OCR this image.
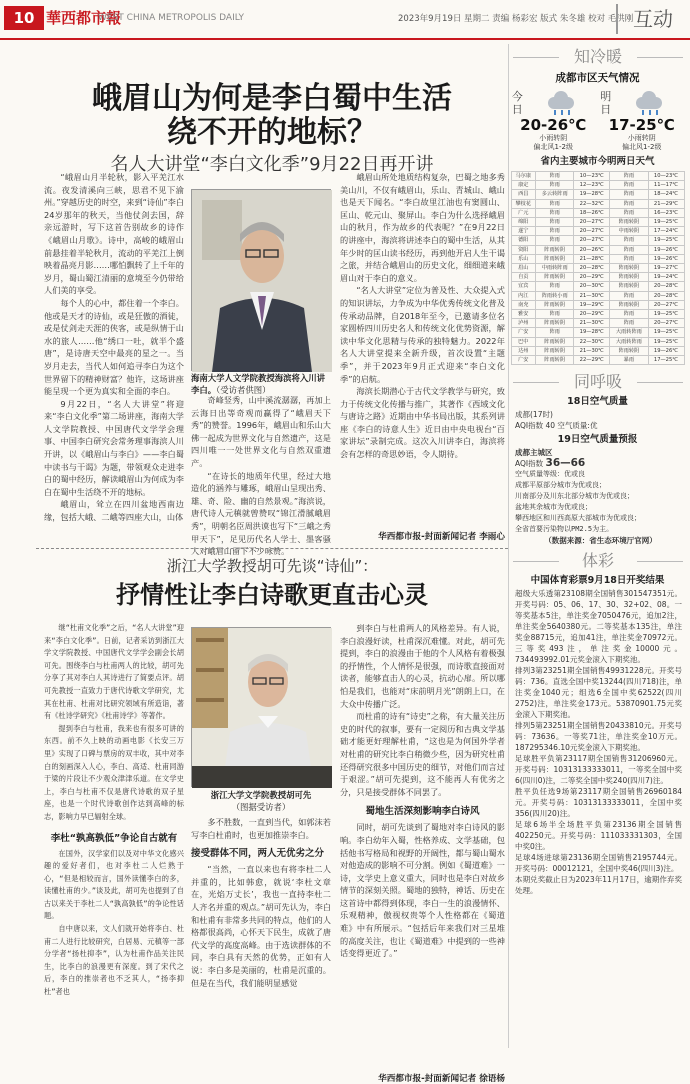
10 華西都市報
WEST CHINA METROPOLIS DAILY	2023年9月19日 星期二 责编 杨彩宏 版式 朱冬雄 校对 毛洪刚 互动
峨眉山为何是李白蜀中生活
绕不开的地标？
名人大讲堂“李白文化季”9月22日再开讲

“峨眉山月半轮秋，影入平羌江水流。夜发清溪向三峡，思君不见下渝州。”穿越历史的时空，来到“诗仙”李白24岁那年的秋天，当他仗剑去国，辞亲远游时，写下这首告别故乡的诗作《峨眉山月歌》。诗中，高峻的峨眉山前悬挂着半轮秋月，流动的平羌江上倒映着晶亮月影……哪怕飘转了上千年的岁月，蜀山蜀江清丽的意境至今仍带给人们美的享受。

每个人的心中，都住着一个李白。他或是天才的诗仙，或是狂傲的酒徒，或是仗剑走天涯的侠客，或是纵情于山水的旅人……他“绣口一吐，就半个盛唐”，是诗唐天空中最亮的星之一。当岁月走去，当代人如何追寻李白为这个世界留下的精神财富？他许，这场讲座能呈现一个更为真实和全面的李白。

9月22日，“名人大讲堂”将迎来“李白文化季”第二场讲座，海南大学人文学院教授、中国唐代文学学会理事、中国李白研究会常务理事海滨人川开讲，以《峨眉山与李白》——李白蜀中读书与干谒》为题，带领观众走进李白的蜀中经历，解读峨眉山为何成为李白在蜀中生活绕不开的地标。

峨眉山，耸立在四川盆地西南边缘，包括大峨、二峨等四座大山，山体

海南大学人文学院教授海滨将入川讲李白。（受访者供图）

奇峰竖秀，山中溪流潺潺，再加上云海日出等奇观而赢得了“峨眉天下秀”的赞誉。1996年，峨眉山和乐山大佛一起成为世界文化与自然遗产，这是四川唯一一处世界文化与自然双重遗产。

“在诗长的地质年代里，经过大地造化的涵养与雕琢，峨眉山呈现出秀、雄、奇、险、幽的自然景观。”海滨说，唐代诗人元稹就曾赞叹“锦江滑腻峨眉秀”，明朝名臣周洪谟也写下“三峨之秀甲天下”，足见历代名人学士、墨客骚人对峨眉山留下不少咏赞。

峨眉山所处地质结构复杂，巴蜀之地多秀美山川，不仅有峨眉山，乐山、青城山、峨山也是天下闻名。“李白故里江油也有窦圆山、匡山、乾元山、聚屏山。李白为什么选择峨眉山的秋月，作为故乡的代表呢？”在9月22日的讲座中，海滨将讲述李白的蜀中生活，从其年少时的匡山读书经历，再到他开启人生干谒之旅，并结合峨眉山的历史文化，细细道来峨眉山对于李白的意义。

“名人大讲堂”定位为普及性、大众提入式的知识讲坛，力争成为中华优秀传统文化普及传承动品牌，自2018年至今，已邀请多位名家圆桥四川历史名人和传统文化优势资源，解读中华文化思精与传承的独特魅力。2022年名人大讲堂提来全新升级，首次设置“主题季”，并于2023年9月正式迎来“李白文化季”的启航。

海滨长期潜心于古代文学教学与研究，致力于传统文化传播与推广，其著作《西域文化与唐诗之路》近期由中华书局出版，其系列讲座《李白的诗意人生》近日由中央电视台“百家讲坛”录制完成。这次入川讲李白，海滨将会有怎样的奇思妙语，令人期待。

华西都市报-封面新闻记者 李雨心
浙江大学教授胡可先谈“诗仙”：
抒情性让李白诗歌更直击心灵

继“杜甫文化季”之后，“名人大讲堂”迎来“李白文化季”。日前，记者采访到浙江大学文学院教授、中国唐代文学学会副会长胡可先。围绕李白与杜甫两人的比较，胡可先分享了其对李白人其诗进行了简要点评。胡可先教授一直致力于唐代诗歌文学研究，尤其在杜甫、杜甫对比研究领域有所造诣，著有《杜诗学研究》《杜甫诗学》等著作。

提到李白与杜甫，我来也有很多可讲的东西。前不久上映的动画电影《长安三万里》实现了口碑与票房的双丰收，其中对李白的刻画深入人心，李白、高适、杜甫同游于梁的片段让不少观众津津乐道。在文学史上，李白与杜甫不仅是唐代诗歌的双子星座，也是一个时代诗歌创作达到高峰的标志，影响力早已辐射全球。

李杜“孰高孰低”争论自古就有

在国外，汉学家们以及对中华文化感兴趣的爱好者们，也对李杜二人烂熟于心，“但是相较而言，国外读懂李白的多，读懂杜甫的少。”谈及此，胡可先也提到了自古以来关于李杜二人“孰高孰低”的争论性话题。

自中唐以来，文人们就开始将李白、杜甫二人进行比较研究，白居易、元稹等一部分学者“扬杜抑李”，认为杜甫作品关注民生，比李白的浪漫更有深度。到了宋代之后，李白的推崇者也不乏其人，“扬李抑杜”者也

浙江大学文学院教授胡可先
（图据受访者）

多不胜数，一直到当代，如郭沫若写李白杜甫时，也更加推崇李白。

接受群体不同，两人无优劣之分

“当然，一直以来也有将李杜二人并重的，比如韩愈，就说‘李杜文章在，光焰万丈长’，我也一直持李杜二人齐名并重的观点。”胡可先认为，李白和杜甫有非常多共同的特点，他们的人格都很高尚，心怀天下民生，成就了唐代文学的高度高峰。由于选读群体的不同，李白具有天然的优势，正如有人说：李白多是美丽的，杜甫是沉重的。但是在当代，我们能明显感觉

到李白与杜甫两人的风格差异。有人说，李白浪漫好读，杜甫深沉难懂。对此，胡可先提到，李白的浪漫由于他的个人风格有着极强的抒情性，个人情怀是很强，而诗歌直接面对读者，能够直击人的心灵，抗动心扉。所以哪怕是我们，也能对“床前明月光”朗朗上口，在大众中传播广泛。

而杜甫的诗有“诗史”之称，有大量关注历史的时代的叙事，要有一定阅历和古典文学基础才能更好理解杜甫，“这也是为何国外学者对杜甫的研究比李白稍微少些，因为研究杜甫还得研究很多中国历史的细节，对他们而言过于艰涩。”胡可先提到，这不能再人有优劣之分，只是接受群体不同罢了。

蜀地生活深刻影响李白诗风

同时，胡可先谈到了蜀地对李白诗风的影响。李白幼年入蜀，性格养成、文学基础，包括他书写格局和视野的开阔性，都与蜀山蜀水对他造成的影响不可分割。例如《蜀道难》一诗，文学史上意义重大，同时也是李白对故乡情节的深刻关照。蜀地的独特，神话、历史在这首诗中都得到体现，李白一生的浪漫情怀、乐观精神，傲视权贵等个人性格都在《蜀道难》中有所展示。“包括后年来我们对三星堆的高度关注，也让《蜀道难》中提到的一些神话变得更近了。”

华西都市报-封面新闻记者 徐语杨
知冷暖
成都市区天气情况
今日
20-26℃
小雨转阴
偏北风1-2级
明日
17-25℃
小雨转阴
偏北风1-2级
省内主要城市今明两日天气
马尔康	阵雨	10—23℃	阵雨	10—23℃
康定	阵雨	12—23℃	阵雨	11—17℃
西昌	多云转阵雨	19—28℃	阵雨	18—24℃
攀枝花	阵雨	22—32℃	阵雨	21—29℃
广元	阵雨	18—26℃	阵雨	16—23℃
绵阳	阵雨	20—27℃	阵雨转阴	19—25℃
遂宁	阵雨	20—27℃	中雨转阴	17—24℃
德阳	阵雨	20—27℃	阵雨	19—25℃
资阳	阵雨转阴	20—26℃	阵雨	19—26℃
乐山	阵雨转阴	21—28℃	阵雨	19—26℃
眉山	中雨转阵雨	20—28℃	阵雨转阴	19—27℃
自贡	阵雨转阴	20—29℃	阵雨转阴	19—24℃
宜宾	阵雨	20—30℃	阵雨转阴	20—28℃
内江	阵雨转小雨	21—30℃	阵雨	20—28℃
南充	阵雨转阴	19—29℃	阵雨转阴	20—27℃
雅安	阵雨	20—29℃	阵雨	19—25℃
泸州	阵雨转阴	21—30℃	阵雨	20—27℃
广安	阵雨	19—28℃	大雨转阵雨	19—25℃
巴中	阵雨转阴	22—30℃	大雨转阵雨	19—25℃
达州	阵雨转阴	21—30℃	阵雨转阴	19—26℃
广安	阵雨转阴	22—29℃	暴雨	17—25℃
同呼吸
18日空气质量
成都(17时)
AQI指数 40 空气质量:优
19日空气质量预报
成都主城区
AQI指数 36—66
空气质量等级：优或良
成都平原部分城市为优或良；
川南部分及川东北部分城市为优或良；
盆地其余城市为优或良；
攀西地区和川西高原大部城市为优或良；
全省首要污染物以PM2.5为主。
（数据来源：省生态环境厅官网）
体彩
中国体育彩票9月18日开奖结果
超级大乐透第23108期全国销售301547351元。开奖号码：05、06、17、30、32+02、08。一等奖基本5注，单注奖金7050476元，追加2注，单注奖金5640380元。二等奖基本135注，单注奖金88715元，追加41注，单注奖金70972元。三等奖493注，单注奖金10000元。734493992.01元奖金滚入下期奖池。
排列3第23251期全国销售49931228元。开奖号码：736。直选全国中奖13244(四川718)注，单注奖金1040元；组选6全国中奖62522(四川2752)注，单注奖金173元。53870901.75元奖金滚入下期奖池。
排列5第23251期全国销售20433810元。开奖号码：73636。一等奖71注，单注奖金10万元。187295346.10元奖金滚入下期奖池。
足球胜平负第23117期全国销售31206960元。开奖号码：10313133333011，一等奖全国中奖6(四川0)注，二等奖全国中奖240(四川7)注。
胜平负任选9场第23117期全国销售26960184元。开奖号码：10313133333011，全国中奖356(四川20)注。
足球6场半全场胜平负第23136期全国销售402250元。开奖号码：111033331303，全国中奖0注。
足球4场进球第23136期全国销售2195744元。开奖号码：00012121，全国中奖46(四川3)注。
本期兑奖截止日为2023年11月17日，逾期作弃奖处理。
